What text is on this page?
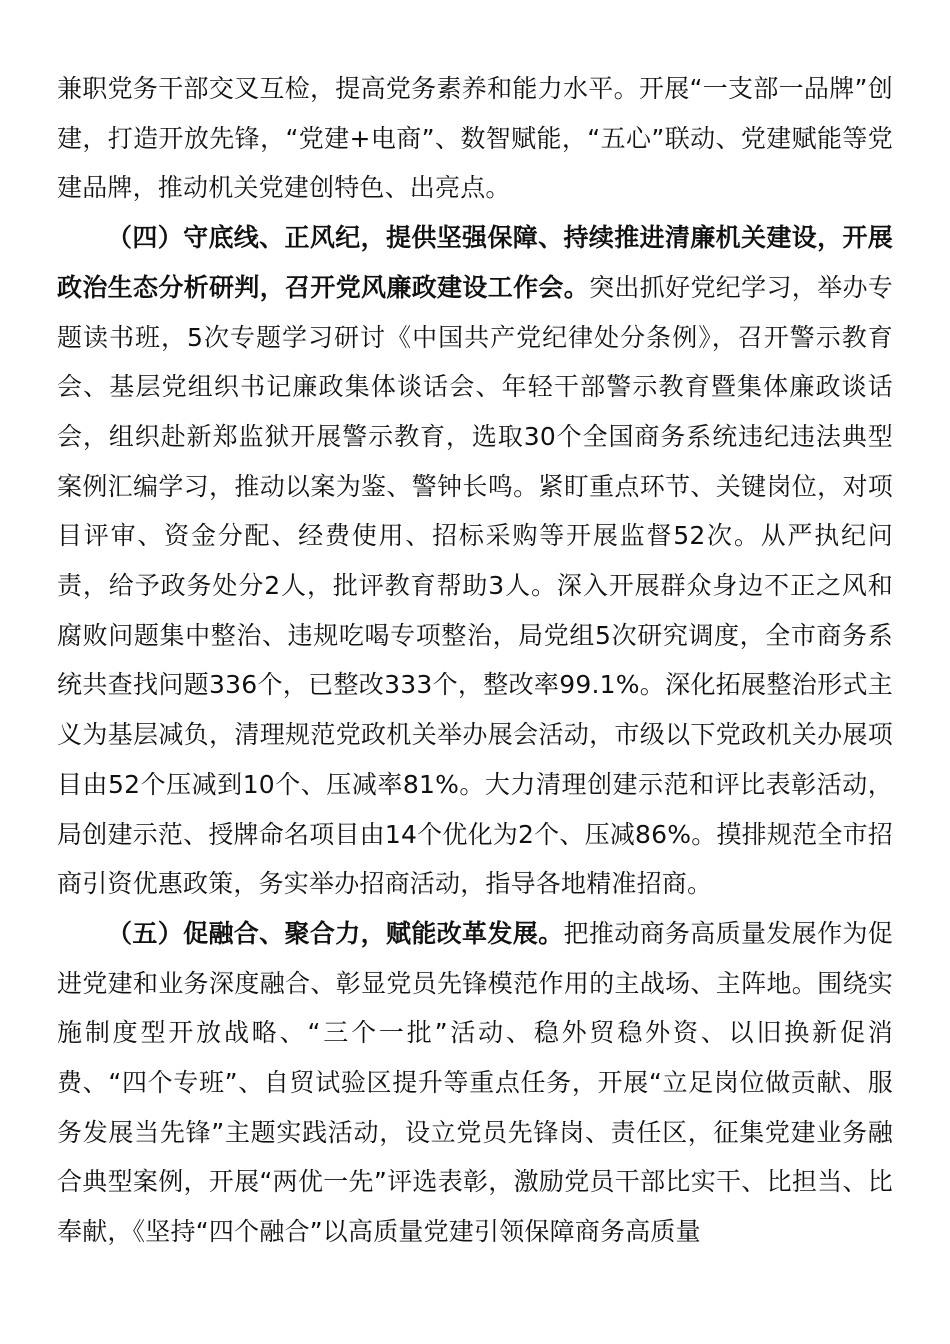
兼职党务干部交叉互检，提高党务素养和能力水平。开展“一支部一品牌”创建，打造开放先锋，“党建+电商”、数智赋能，“五心”联动、党建赋能等党建品牌，推动机关党建创特色、出亮点。

（四）守底线、正风纪，提供坚强保障、持续推进清廉机关建设，开展政治生态分析研判，召开党风廉政建设工作会。突出抓好党纪学习，举办专题读书班，5次专题学习研讨《中国共产党纪律处分条例》，召开警示教育会、基层党组织书记廉政集体谈话会、年轻干部警示教育暨集体廉政谈话会，组织赴新郑监狱开展警示教育，选取30个全国商务系统违纪违法典型案例汇编学习，推动以案为鉴、警钟长鸣。紧盯重点环节、关键岗位，对项目评审、资金分配、经费使用、招标采购等开展监督52次。从严执纪问责，给予政务处分2人，批评教育帮助3人。深入开展群众身边不正之风和腐败问题集中整治、违规吃喝专项整治，局党组5次研究调度，全市商务系统共查找问题336个，已整改333个，整改率99.1%。深化拓展整治形式主义为基层减负，清理规范党政机关举办展会活动，市级以下党政机关办展项目由52个压减到10个、压减率81%。大力清理创建示范和评比表彰活动，局创建示范、授牌命名项目由14个优化为2个、压减86%。摸排规范全市招商引资优惠政策，务实举办招商活动，指导各地精准招商。

（五）促融合、聚合力，赋能改革发展。把推动商务高质量发展作为促进党建和业务深度融合、彰显党员先锋模范作用的主战场、主阵地。围绕实施制度型开放战略、“三个一批”活动、稳外贸稳外资、以旧换新促消费、“四个专班”、自贸试验区提升等重点任务，开展“立足岗位做贡献、服务发展当先锋”主题实践活动，设立党员先锋岗、责任区，征集党建业务融合典型案例，开展“两优一先”评选表彰，激励党员干部比实干、比担当、比奉献，《坚持“四个融合”以高质量党建引领保障商务高质量
